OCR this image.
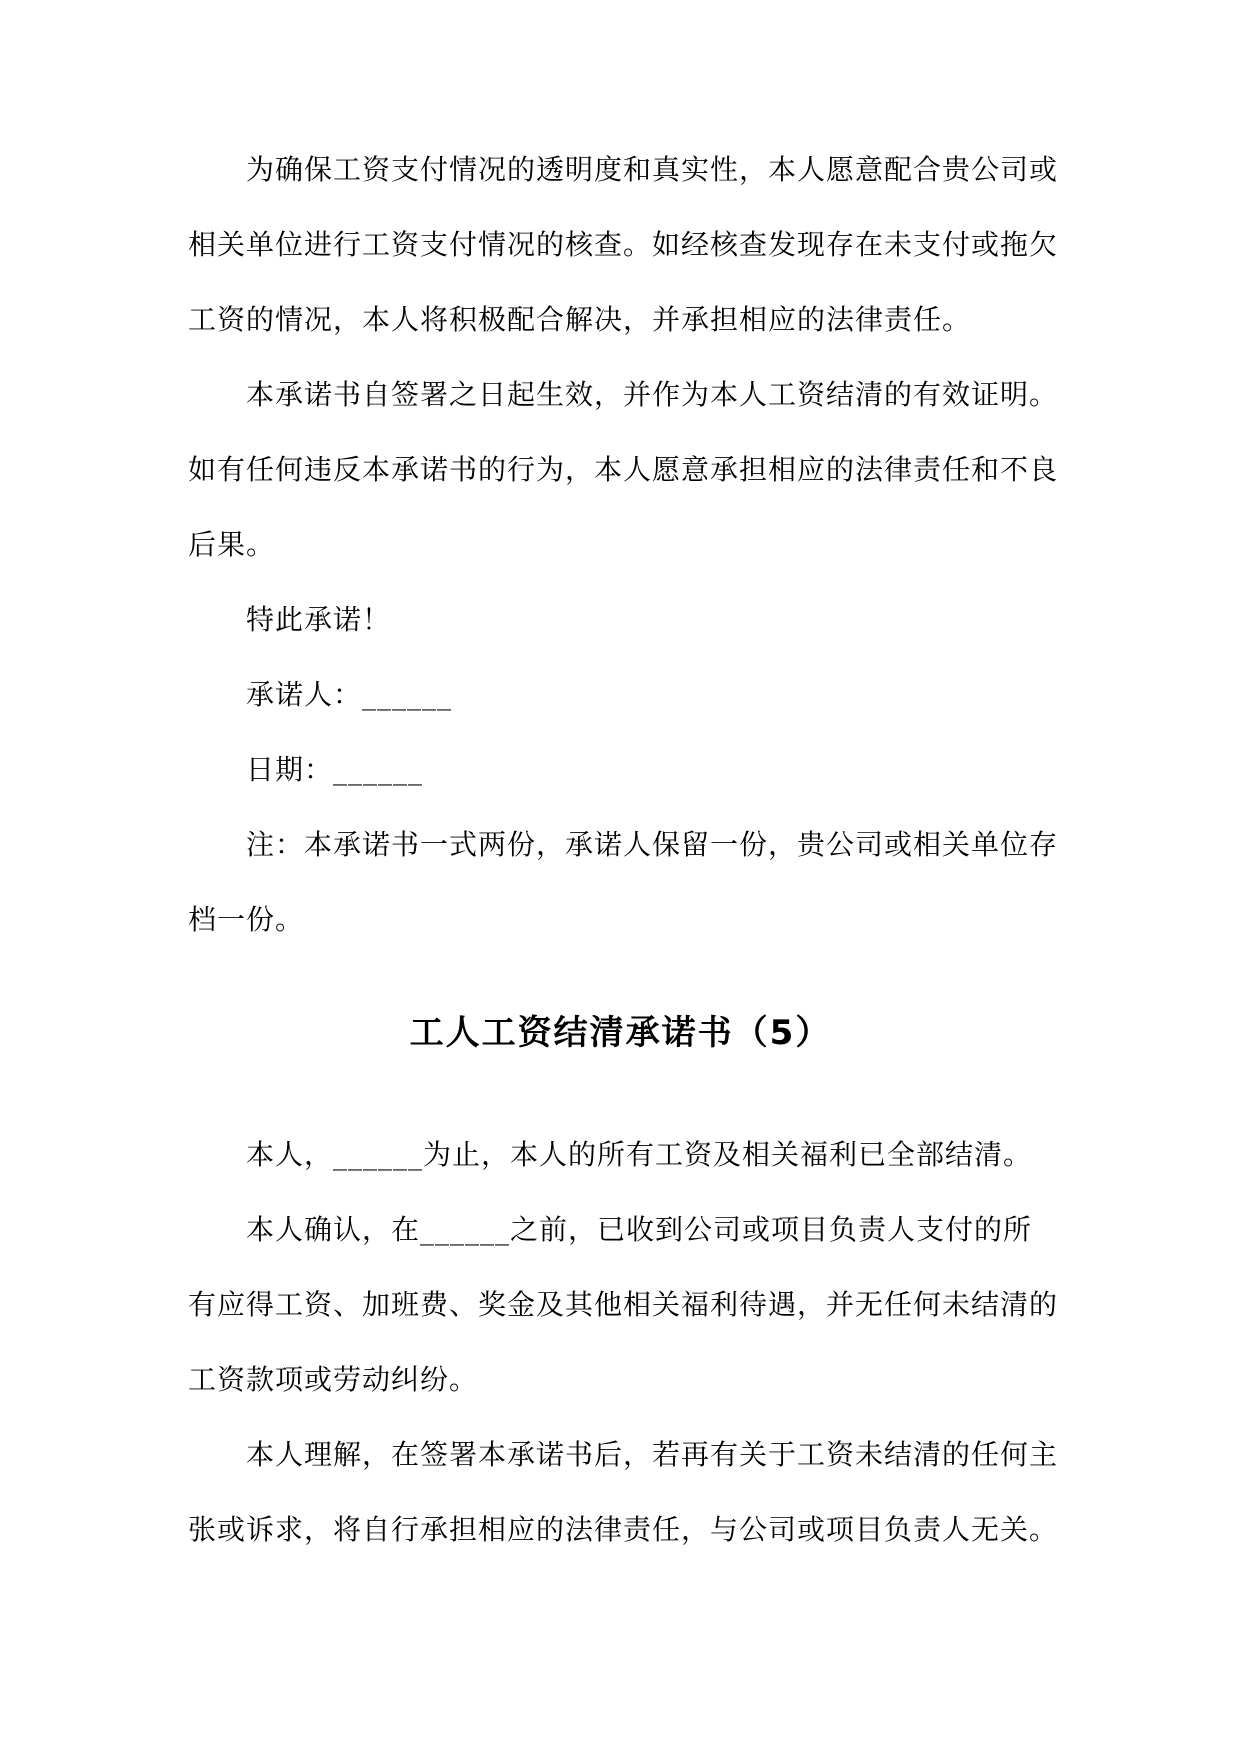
为确保工资支付情况的透明度和真实性，本人愿意配合贵公司或
相关单位进行工资支付情况的核查。如经核查发现存在未支付或拖欠
工资的情况，本人将积极配合解决，并承担相应的法律责任。
本承诺书自签署之日起生效，并作为本人工资结清的有效证明。
如有任何违反本承诺书的行为，本人愿意承担相应的法律责任和不良
后果。
特此承诺！
承诺人：______
日期：______
注：本承诺书一式两份，承诺人保留一份，贵公司或相关单位存
档一份。
工人工资结清承诺书（5）
本人，______为止，本人的所有工资及相关福利已全部结清。
本人确认，在______之前，已收到公司或项目负责人支付的所
有应得工资、加班费、奖金及其他相关福利待遇，并无任何未结清的
工资款项或劳动纠纷。
本人理解，在签署本承诺书后，若再有关于工资未结清的任何主
张或诉求，将自行承担相应的法律责任，与公司或项目负责人无关。
